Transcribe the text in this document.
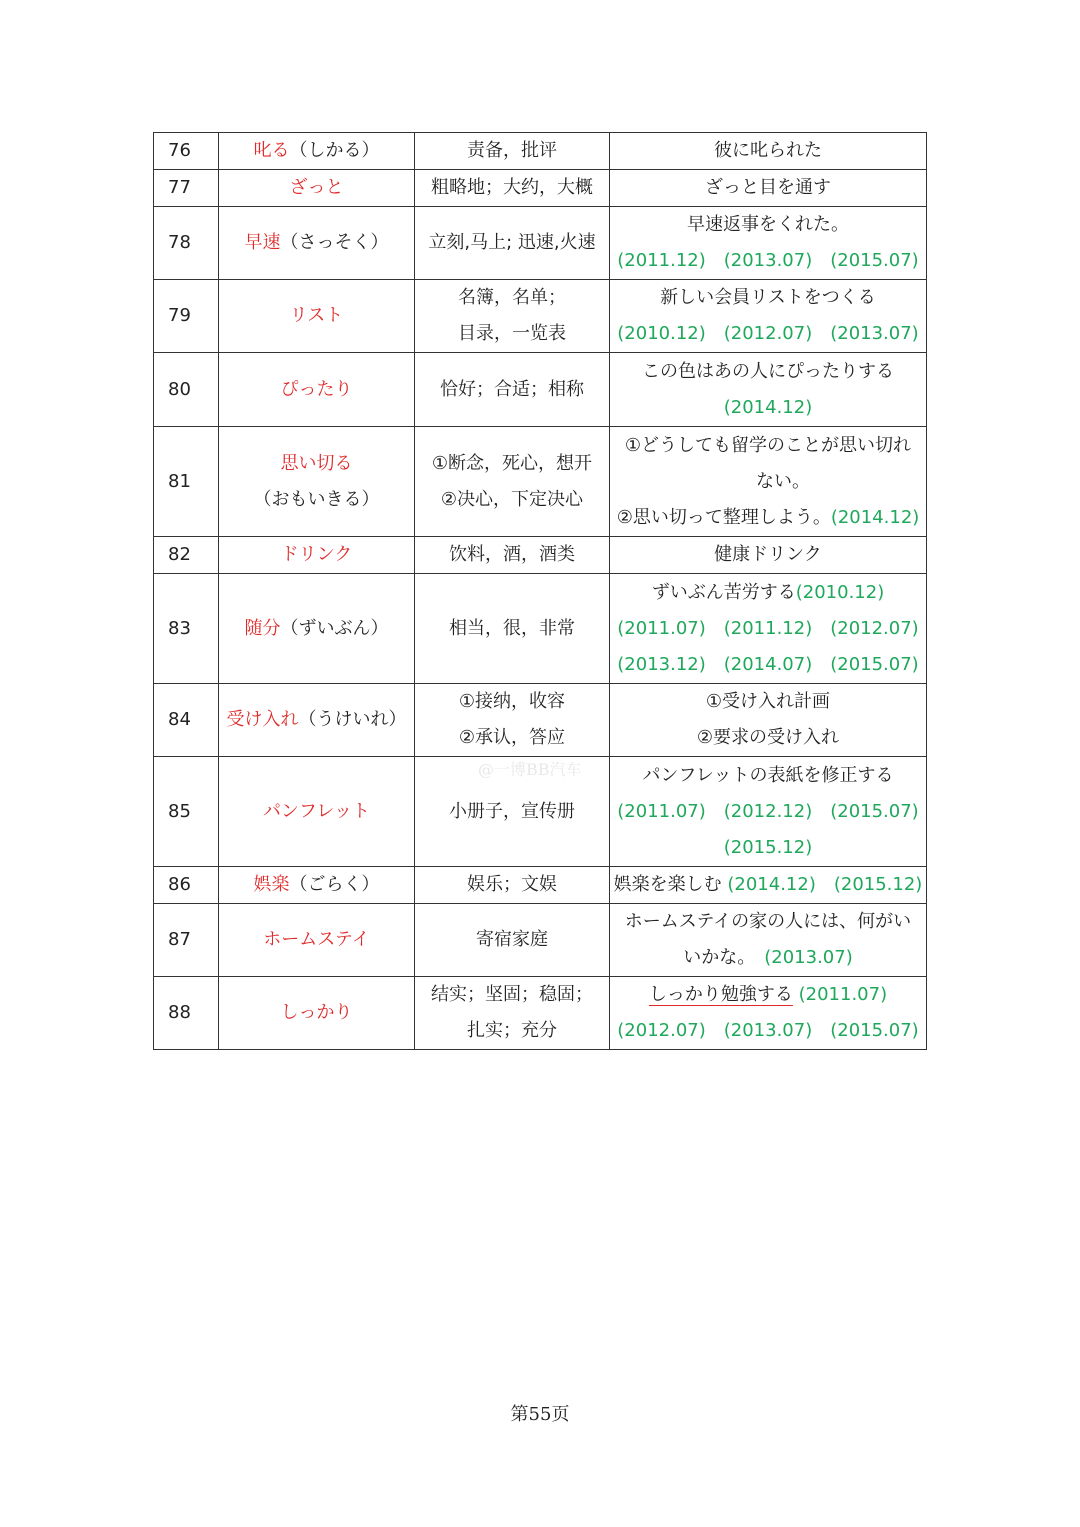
76	叱る（しかる）	责备，批评	彼に叱られた

77	ざっと	粗略地；大约，大概	ざっと目を通す

78	早速（さっそく）	立刻,马上; 迅速,火速	早速返事をくれた。
(2011.12)　(2013.07)　(2015.07)

79	リスト	名簿，名单；
目录，一览表	新しい会員リストをつくる
(2010.12)　(2012.07)　(2013.07)

80	ぴったり	恰好；合适；相称	この色はあの人にぴったりする
(2014.12)

81	思い切る
（おもいきる）	①断念，死心，想开
②决心，下定决心	①どうしても留学のことが思い切れ
ない。
②思い切って整理しよう。(2014.12)

82	ドリンク	饮料，酒，酒类	健康ドリンク

83	随分（ずいぶん）	相当，很，非常	ずいぶん苦労する(2010.12)
(2011.07)　(2011.12)　(2012.07)
(2013.12)　(2014.07)　(2015.07)

84	受け入れ（うけいれ）	①接纳，收容
②承认，答应	①受け入れ計画
②要求の受け入れ

85	パンフレット	小册子，宣传册	パンフレットの表紙を修正する
(2011.07)　(2012.12)　(2015.07)
(2015.12)

86	娯楽（ごらく）	娱乐；文娱	娯楽を楽しむ (2014.12)　(2015.12)

87	ホームステイ	寄宿家庭	ホームステイの家の人には、何がい
いかな。　 (2013.07)

88	しっかり	结实；坚固；稳固；
扎实；充分	しっかり勉強する (2011.07)
(2012.07)　(2013.07)　(2015.07)
@一博BB汽车
第55页
